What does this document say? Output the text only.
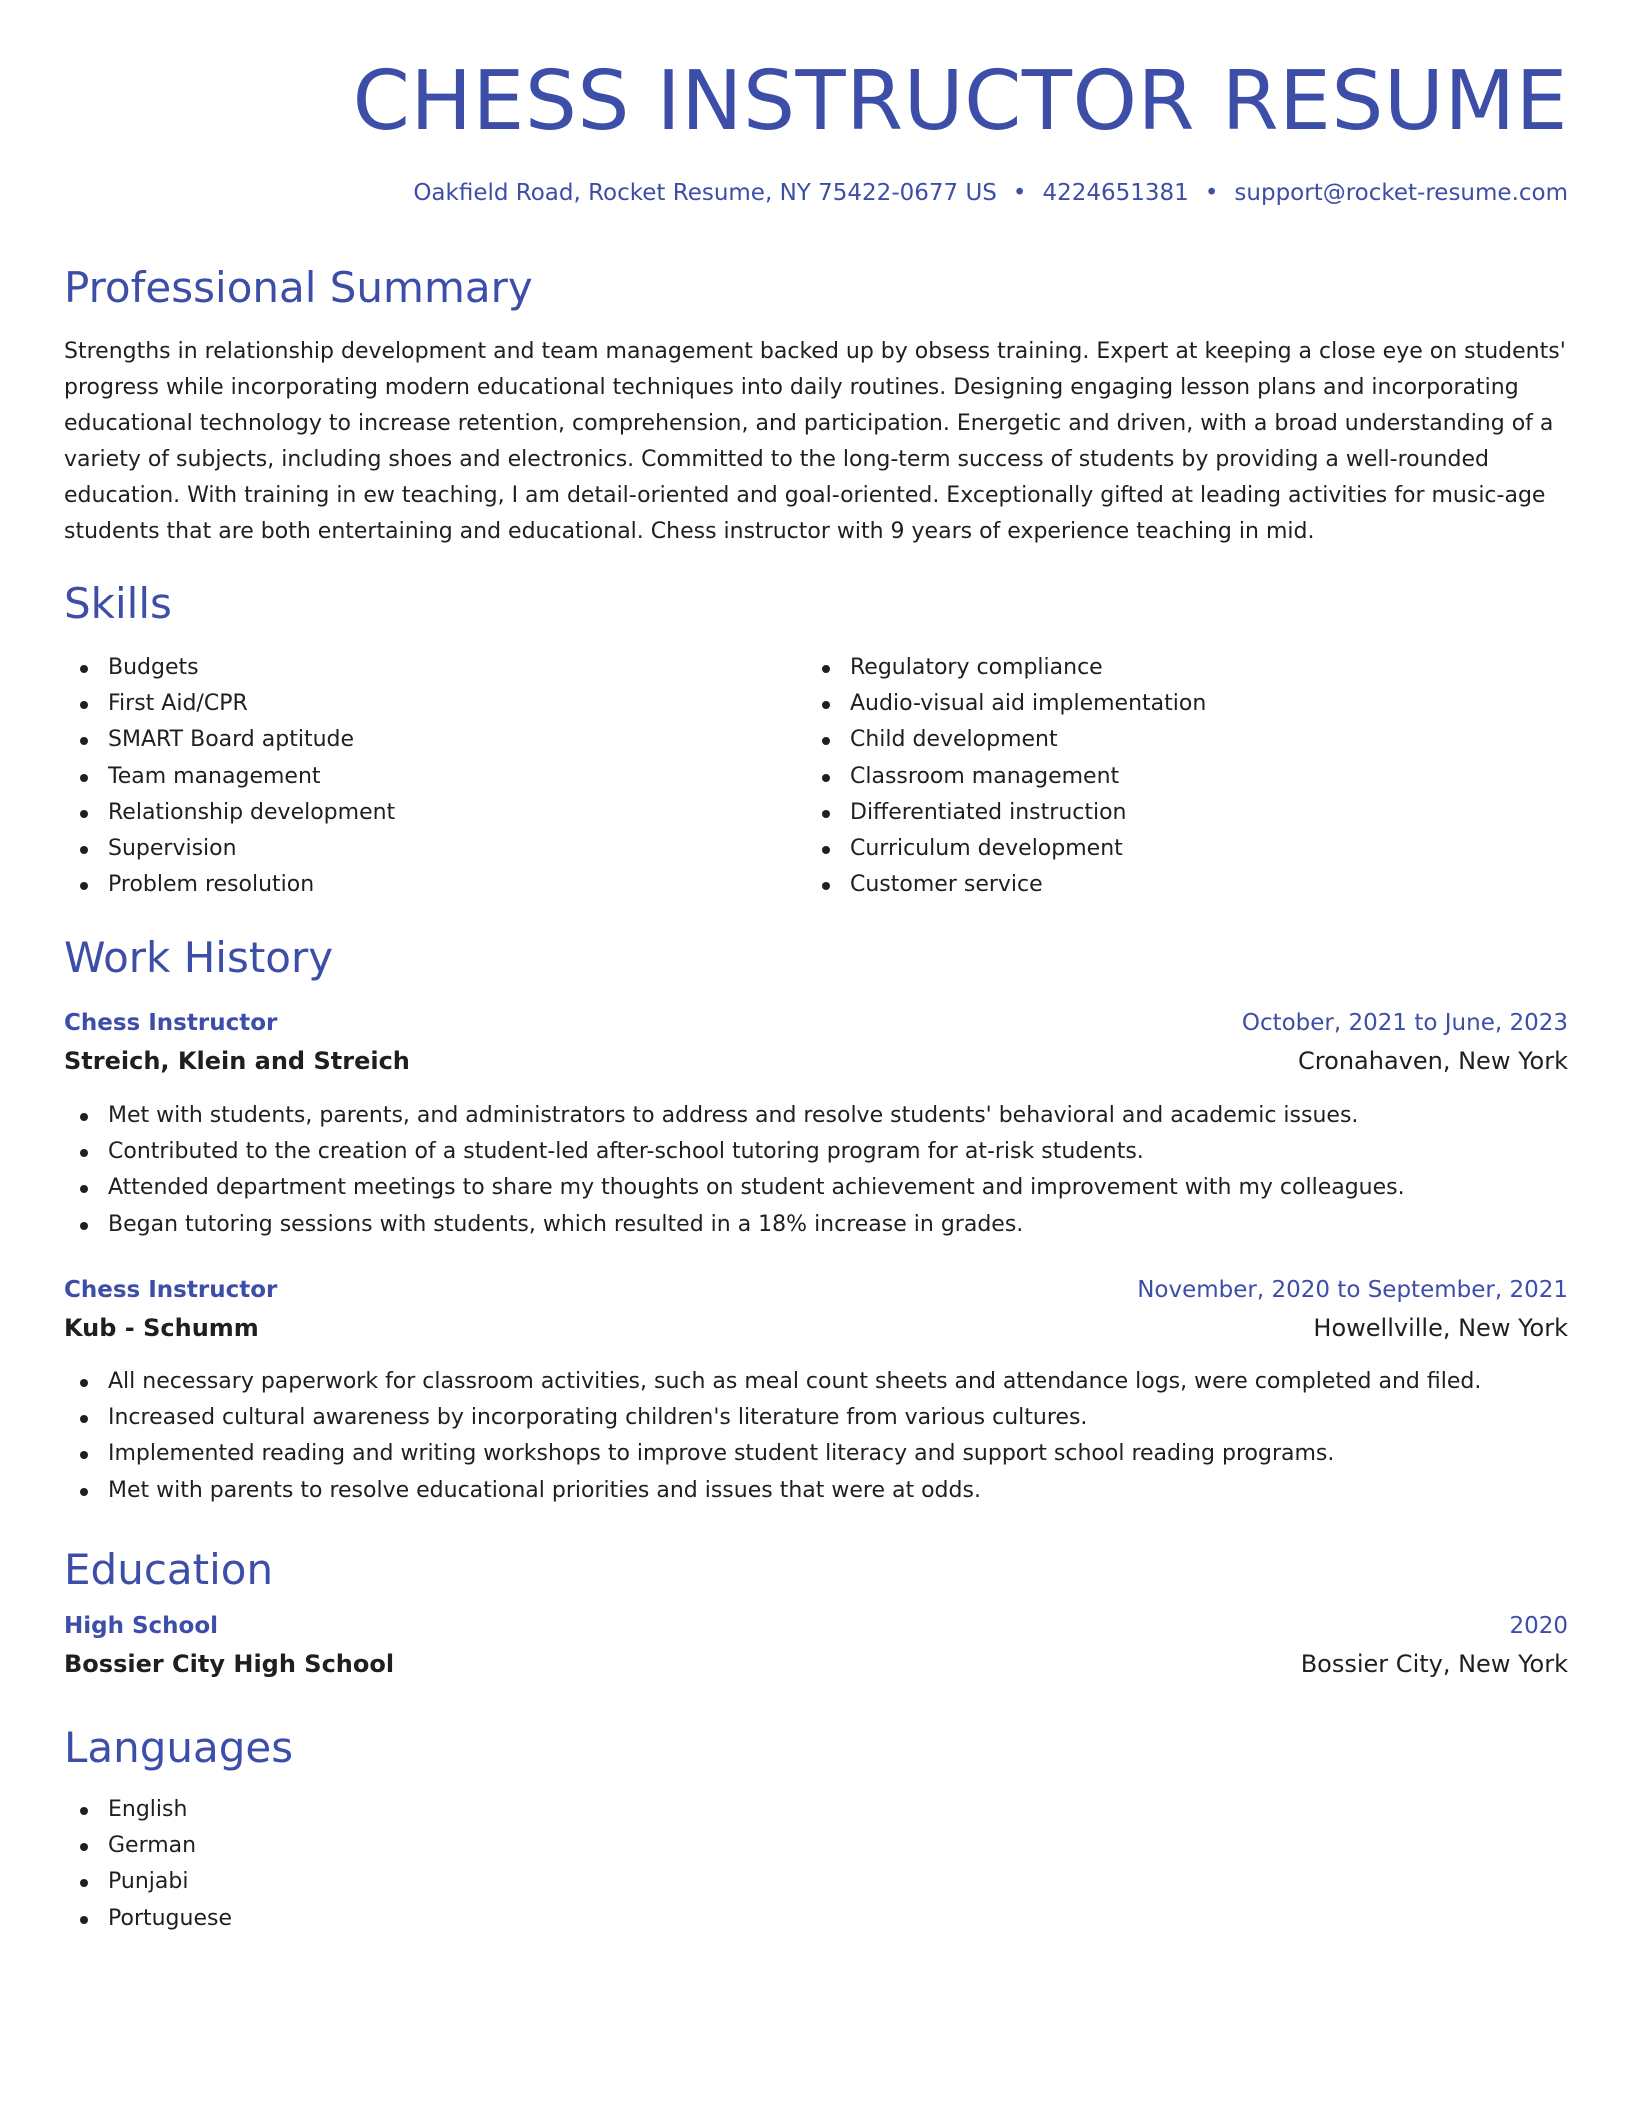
CHESS INSTRUCTOR RESUME
Oakfield Road, Rocket Resume, NY 75422-0677 US • 4224651381 • support@rocket-resume.com
Professional Summary

Strengths in relationship development and team management backed up by obsess training. Expert at keeping a close eye on students' progress while incorporating modern educational techniques into daily routines. Designing engaging lesson plans and incorporating educational technology to increase retention, comprehension, and participation. Energetic and driven, with a broad understanding of a variety of subjects, including shoes and electronics. Committed to the long-term success of students by providing a well-rounded education. With training in ew teaching, I am detail-oriented and goal-oriented. Exceptionally gifted at leading activities for music-age students that are both entertaining and educational. Chess instructor with 9 years of experience teaching in mid.

Skills
Budgets
First Aid/CPR
SMART Board aptitude
Team management
Relationship development
Supervision
Problem resolution
Regulatory compliance
Audio-visual aid implementation
Child development
Classroom management
Differentiated instruction
Curriculum development
Customer service
Work History
Chess Instructor	October, 2021 to June, 2023
Streich, Klein and Streich	Cronahaven, New York
Met with students, parents, and administrators to address and resolve students' behavioral and academic issues.
Contributed to the creation of a student-led after-school tutoring program for at-risk students.
Attended department meetings to share my thoughts on student achievement and improvement with my colleagues.
Began tutoring sessions with students, which resulted in a 18% increase in grades.
Chess Instructor	November, 2020 to September, 2021
Kub - Schumm	Howellville, New York
All necessary paperwork for classroom activities, such as meal count sheets and attendance logs, were completed and filed.
Increased cultural awareness by incorporating children's literature from various cultures.
Implemented reading and writing workshops to improve student literacy and support school reading programs.
Met with parents to resolve educational priorities and issues that were at odds.
Education
High School	2020
Bossier City High School	Bossier City, New York
Languages
English
German
Punjabi
Portuguese
